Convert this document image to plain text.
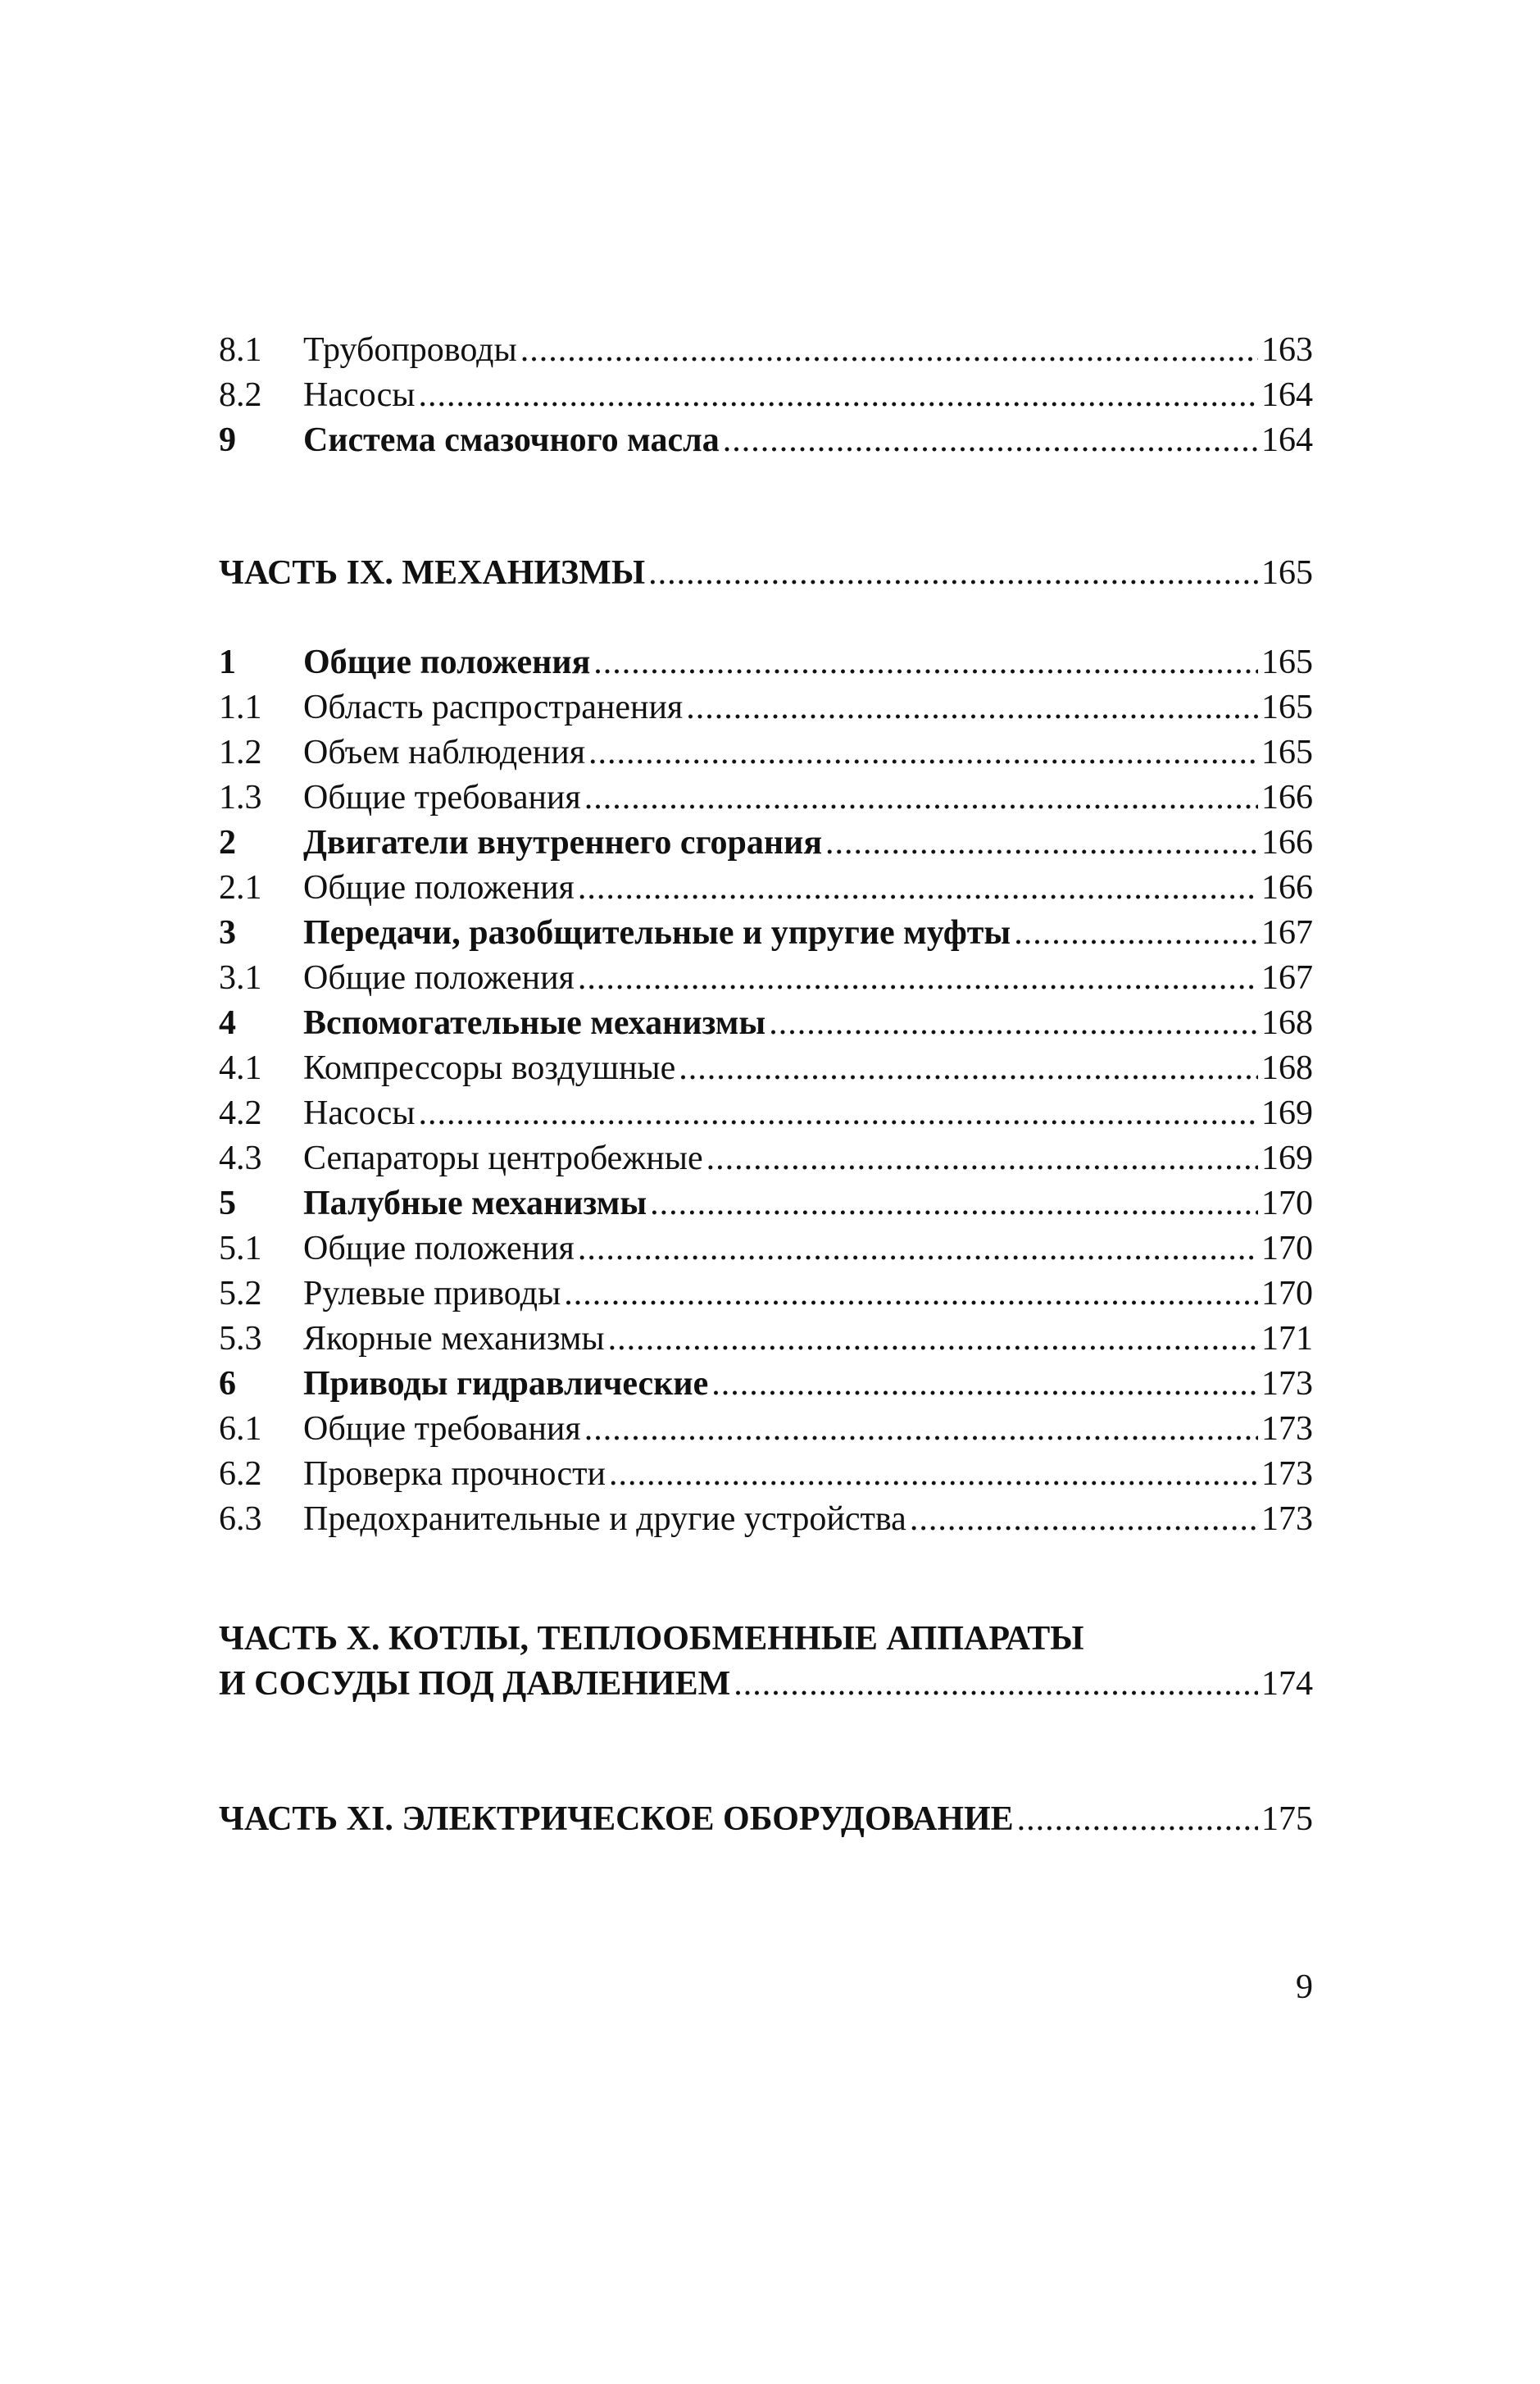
8.1	Трубопроводы .....	163
8.2	Насосы .....	164
9	Система смазочного масла .....	164
ЧАСТЬ IX. МЕХАНИЗМЫ .....	165
1	Общие положения .....	165
1.1	Область распространения .....	165
1.2	Объем наблюдения .....	165
1.3	Общие требования .....	166
2	Двигатели внутреннего сгорания .....	166
2.1	Общие положения .....	166
3	Передачи, разобщительные и упругие муфты .....	167
3.1	Общие положения .....	167
4	Вспомогательные механизмы .....	168
4.1	Компрессоры воздушные .....	168
4.2	Насосы .....	169
4.3	Сепараторы центробежные .....	169
5	Палубные механизмы .....	170
5.1	Общие положения .....	170
5.2	Рулевые приводы .....	170
5.3	Якорные механизмы .....	171
6	Приводы гидравлические .....	173
6.1	Общие требования .....	173
6.2	Проверка прочности .....	173
6.3	Предохранительные и другие устройства .....	173
ЧАСТЬ X. КОТЛЫ, ТЕПЛООБМЕННЫЕ АППАРАТЫ
И СОСУДЫ ПОД ДАВЛЕНИЕМ .....	174
ЧАСТЬ XI. ЭЛЕКТРИЧЕСКОЕ ОБОРУДОВАНИЕ .....	175
9
